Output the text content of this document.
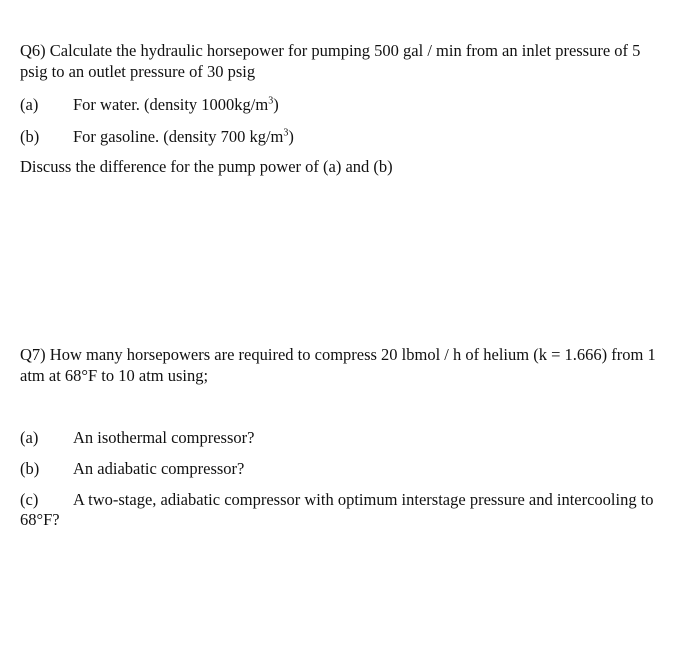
Q6) Calculate the hydraulic horsepower for pumping 500 gal / min from an inlet pressure of 5
psig to an outlet pressure of 30 psig
(a) For water. (density $1000kg/m^3$)
(b) For gasoline. (density 700 $kg/m^3$)
Discuss the difference for the pump power of (a) and (b)
Q7) How many horsepowers are required to compress 20 lbmol / h of helium (k = 1.666) from 1
atm at 68°F to 10 atm using;
(a) An isothermal compressor?
(b) An adiabatic compressor?
(c) A two-stage, adiabatic compressor with optimum interstage pressure and intercooling to
68°F?
